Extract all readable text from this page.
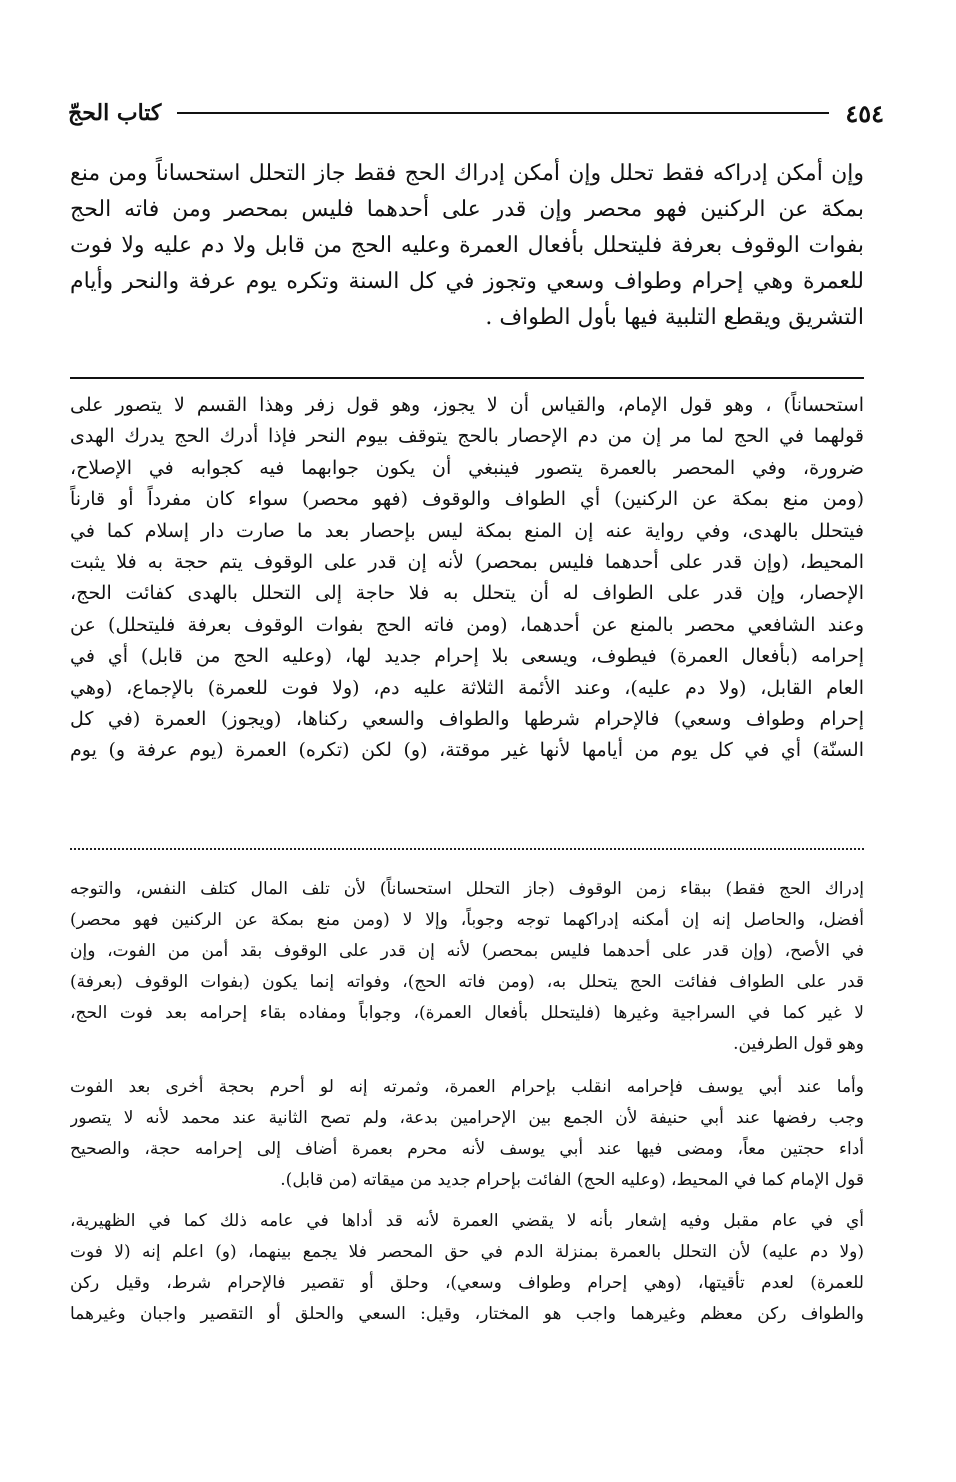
٤٥٤
كتاب الحجّ
وإن أمكن إدراكه فقط تحلل وإن أمكن إدراك الحج فقط جاز التحلل استحساناً ومن منع
بمكة عن الركنين فهو محصر وإن قدر على أحدهما فليس بمحصر ومن فاته الحج
بفوات الوقوف بعرفة فليتحلل بأفعال العمرة وعليه الحج من قابل ولا دم عليه ولا فوت
للعمرة وهي إحرام وطواف وسعي وتجوز في كل السنة وتكره يوم عرفة والنحر وأيام
التشريق ويقطع التلبية فيها بأول الطواف .
استحساناً) ، وهو قول الإمام، والقياس أن لا يجوز، وهو قول زفر وهذا القسم لا يتصور على
قولهما في الحج لما مر إن من دم الإحصار بالحج يتوقف بيوم النحر فإذا أدرك الحج يدرك الهدى
ضرورة، وفي المحصر بالعمرة يتصور فينبغي أن يكون جوابهما فيه كجوابه في الإصلاح،
(ومن منع بمكة عن الركنين) أي الطواف والوقوف (فهو محصر) سواء كان مفرداً أو قارناً
فيتحلل بالهدى، وفي رواية عنه إن المنع بمكة ليس بإحصار بعد ما صارت دار إسلام كما في
المحيط، (وإن قدر على أحدهما فليس بمحصر) لأنه إن قدر على الوقوف يتم حجة به فلا يثبت
الإحصار، وإن قدر على الطواف له أن يتحلل به فلا حاجة إلى التحلل بالهدى كفائت الحج،
وعند الشافعي محصر بالمنع عن أحدهما، (ومن فاته الحج بفوات الوقوف بعرفة فليتحلل) عن
إحرامه (بأفعال العمرة) فيطوف، ويسعى بلا إحرام جديد لها، (وعليه الحج من قابل) أي في
العام القابل، (ولا دم عليه)، وعند الأئمة الثلاثة عليه دم، (ولا فوت للعمرة) بالإجماع، (وهي
إحرام وطواف وسعي) فالإحرام شرطها والطواف والسعي ركناها، (ويجوز) العمرة (في كل
السنّة) أي في كل يوم من أيامها لأنها غير موقتة، (و) لكن (تكره) العمرة (يوم عرفة و) يوم
إدراك الحج فقط) ببقاء زمن الوقوف (جاز التحلل استحساناً) لأن تلف المال كتلف النفس، والتوجه
أفضل، والحاصل إنه إن أمكنه إدراكهما توجه وجوباً، وإلا لا (ومن منع بمكة عن الركنين فهو محصر)
في الأصح، (وإن قدر على أحدهما فليس بمحصر) لأنه إن قدر على الوقوف بقد أمن من الفوت، وإن
قدر على الطواف ففائت الحج يتحلل به، (ومن فاته الحج)، وفواته إنما يكون (بفوات الوقوف (بعرفة)
لا غير كما في السراجية وغيرها (فليتحلل بأفعال العمرة)، وجواباً ومفاده بقاء إحرامه بعد فوت الحج،
وهو قول الطرفين.
وأما عند أبي يوسف فإحرامه انقلب بإحرام العمرة، وثمرته إنه لو أحرم بحجة أخرى بعد الفوت
وجب رفضها عند أبي حنيفة لأن الجمع بين الإحرامين بدعة، ولم تصح الثانية عند محمد لأنه لا يتصور
أداء حجتين معاً، ومضى فيها عند أبي يوسف لأنه محرم بعمرة أضاف إلى إحرامه حجة، والصحيح
قول الإمام كما في المحيط، (وعليه الحج) الفائت بإحرام جديد من ميقاته (من قابل).
أي في عام مقبل وفيه إشعار بأنه لا يقضي العمرة لأنه قد أداها في عامه ذلك كما في الظهيرية،
(ولا دم عليه) لأن التحلل بالعمرة بمنزلة الدم في حق المحصر فلا يجمع بينهما، (و) اعلم إنه (لا فوت
للعمرة) لعدم تأقيتها، (وهي إحرام وطواف وسعي)، وحلق أو تقصير فالإحرام شرط، وقيل ركن
والطواف ركن معظم وغيرهما واجب هو المختار، وقيل: السعي والحلق أو التقصير واجبان وغيرهما
